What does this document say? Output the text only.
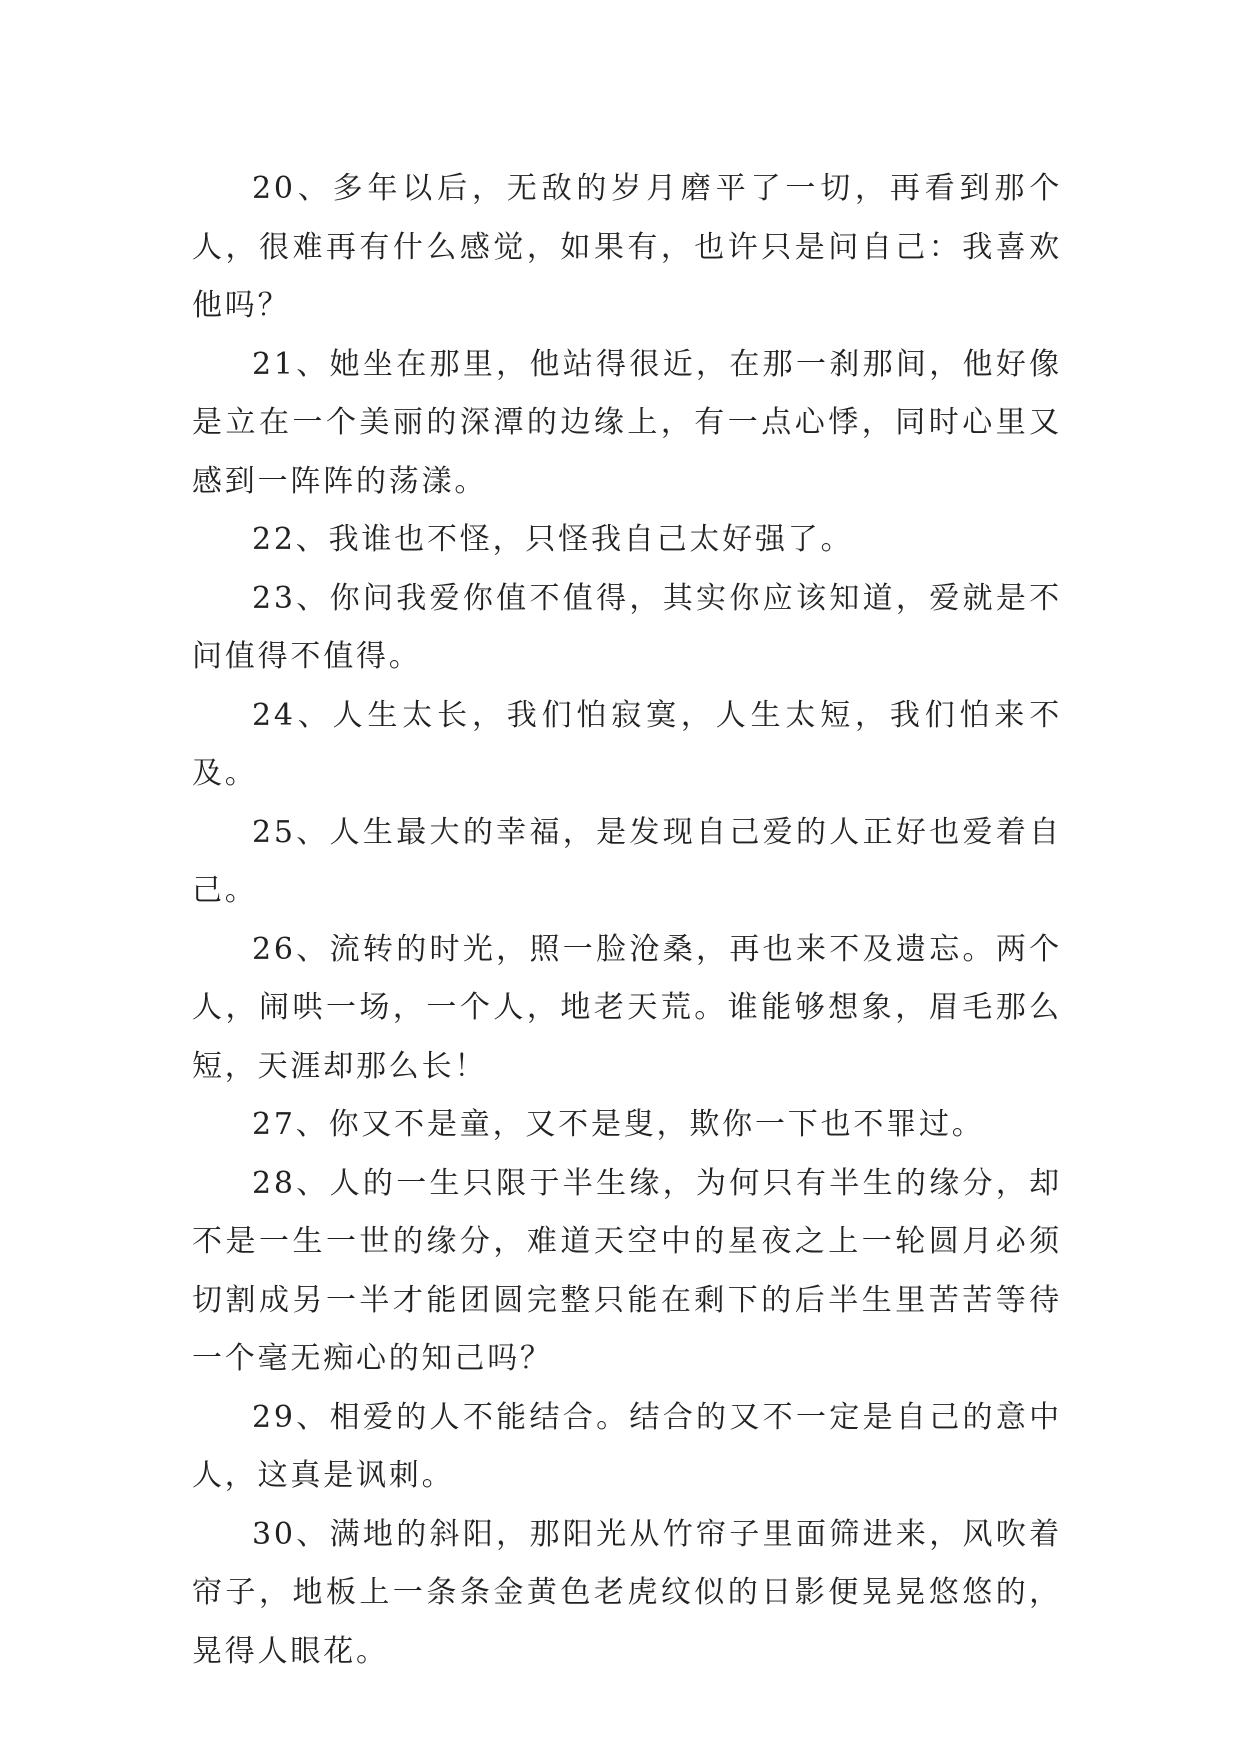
20、多年以后，无敌的岁月磨平了一切，再看到那个人，很难再有什么感觉，如果有，也许只是问自己：我喜欢他吗？

21、她坐在那里，他站得很近，在那一刹那间，他好像是立在一个美丽的深潭的边缘上，有一点心悸，同时心里又感到一阵阵的荡漾。

22、我谁也不怪，只怪我自己太好强了。

23、你问我爱你值不值得，其实你应该知道，爱就是不问值得不值得。

24、人生太长，我们怕寂寞，人生太短，我们怕来不及。

25、人生最大的幸福，是发现自己爱的人正好也爱着自己。

26、流转的时光，照一脸沧桑，再也来不及遗忘。两个人，闹哄一场，一个人，地老天荒。谁能够想象，眉毛那么短，天涯却那么长！

27、你又不是童，又不是叟，欺你一下也不罪过。

28、人的一生只限于半生缘，为何只有半生的缘分，却不是一生一世的缘分，难道天空中的星夜之上一轮圆月必须切割成另一半才能团圆完整只能在剩下的后半生里苦苦等待一个毫无痴心的知己吗？

29、相爱的人不能结合。结合的又不一定是自己的意中人，这真是讽刺。

30、满地的斜阳，那阳光从竹帘子里面筛进来，风吹着帘子，地板上一条条金黄色老虎纹似的日影便晃晃悠悠的，晃得人眼花。
